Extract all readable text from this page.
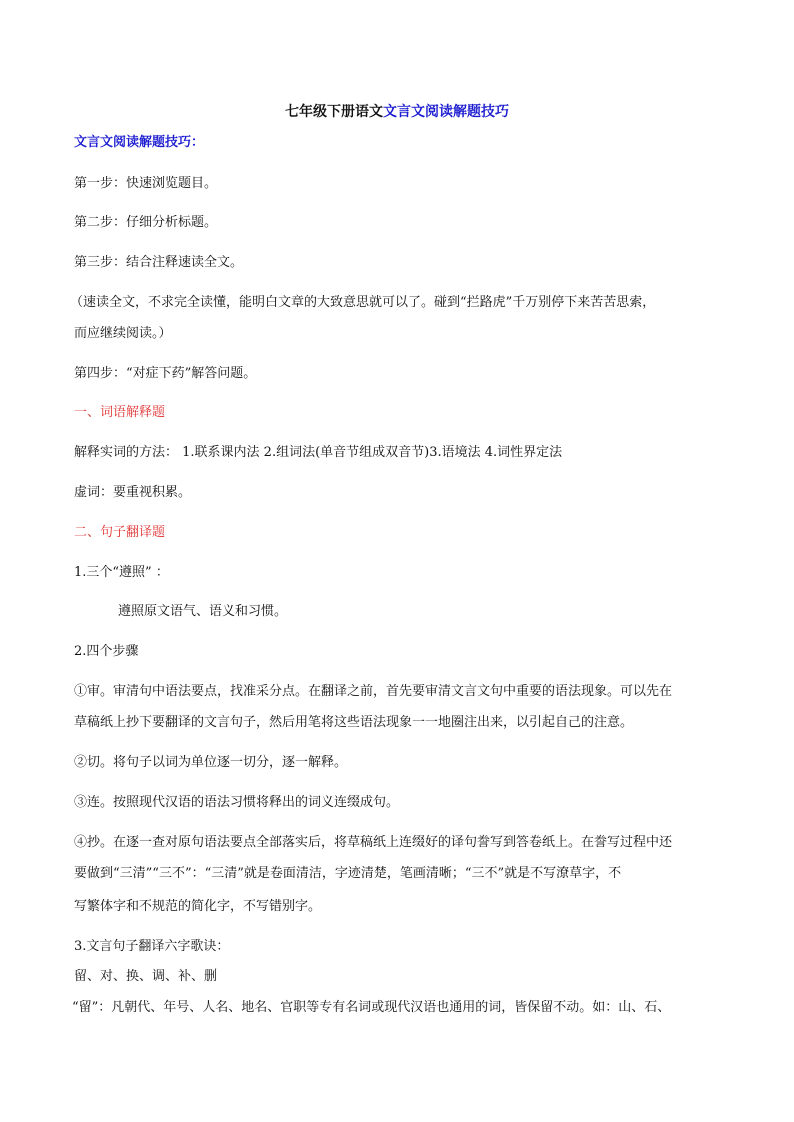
七年级下册语文文言文阅读解题技巧
文言文阅读解题技巧：
第一步：快速浏览题目。
第二步：仔细分析标题。
第三步：结合注释速读全文。
（速读全文，不求完全读懂，能明白文章的大致意思就可以了。碰到“拦路虎”千万别停下来苦苦思索，
而应继续阅读。）
第四步：“对症下药”解答问题。
一、词语解释题
解释实词的方法： 1.联系课内法 2.组词法(单音节组成双音节)3.语境法 4.词性界定法
虚词：要重视积累。
二、句子翻译题
1.三个“遵照” ：
遵照原文语气、语义和习惯。
2.四个步骤
①审。审清句中语法要点，找准采分点。在翻译之前，首先要审清文言文句中重要的语法现象。可以先在
草稿纸上抄下要翻译的文言句子，然后用笔将这些语法现象一一地圈注出来，以引起自己的注意。
②切。将句子以词为单位逐一切分，逐一解释。
③连。按照现代汉语的语法习惯将释出的词义连缀成句。
④抄。在逐一查对原句语法要点全部落实后，将草稿纸上连缀好的译句誊写到答卷纸上。在誊写过程中还
要做到“三清”“三不”：“三清”就是卷面清洁，字迹清楚，笔画清晰；“三不”就是不写潦草字，不
写繁体字和不规范的简化字，不写错别字。
3.文言句子翻译六字歌诀：
留、对、换、调、补、删
“留”：凡朝代、年号、人名、地名、官职等专有名词或现代汉语也通用的词，皆保留不动。如：山、石、
